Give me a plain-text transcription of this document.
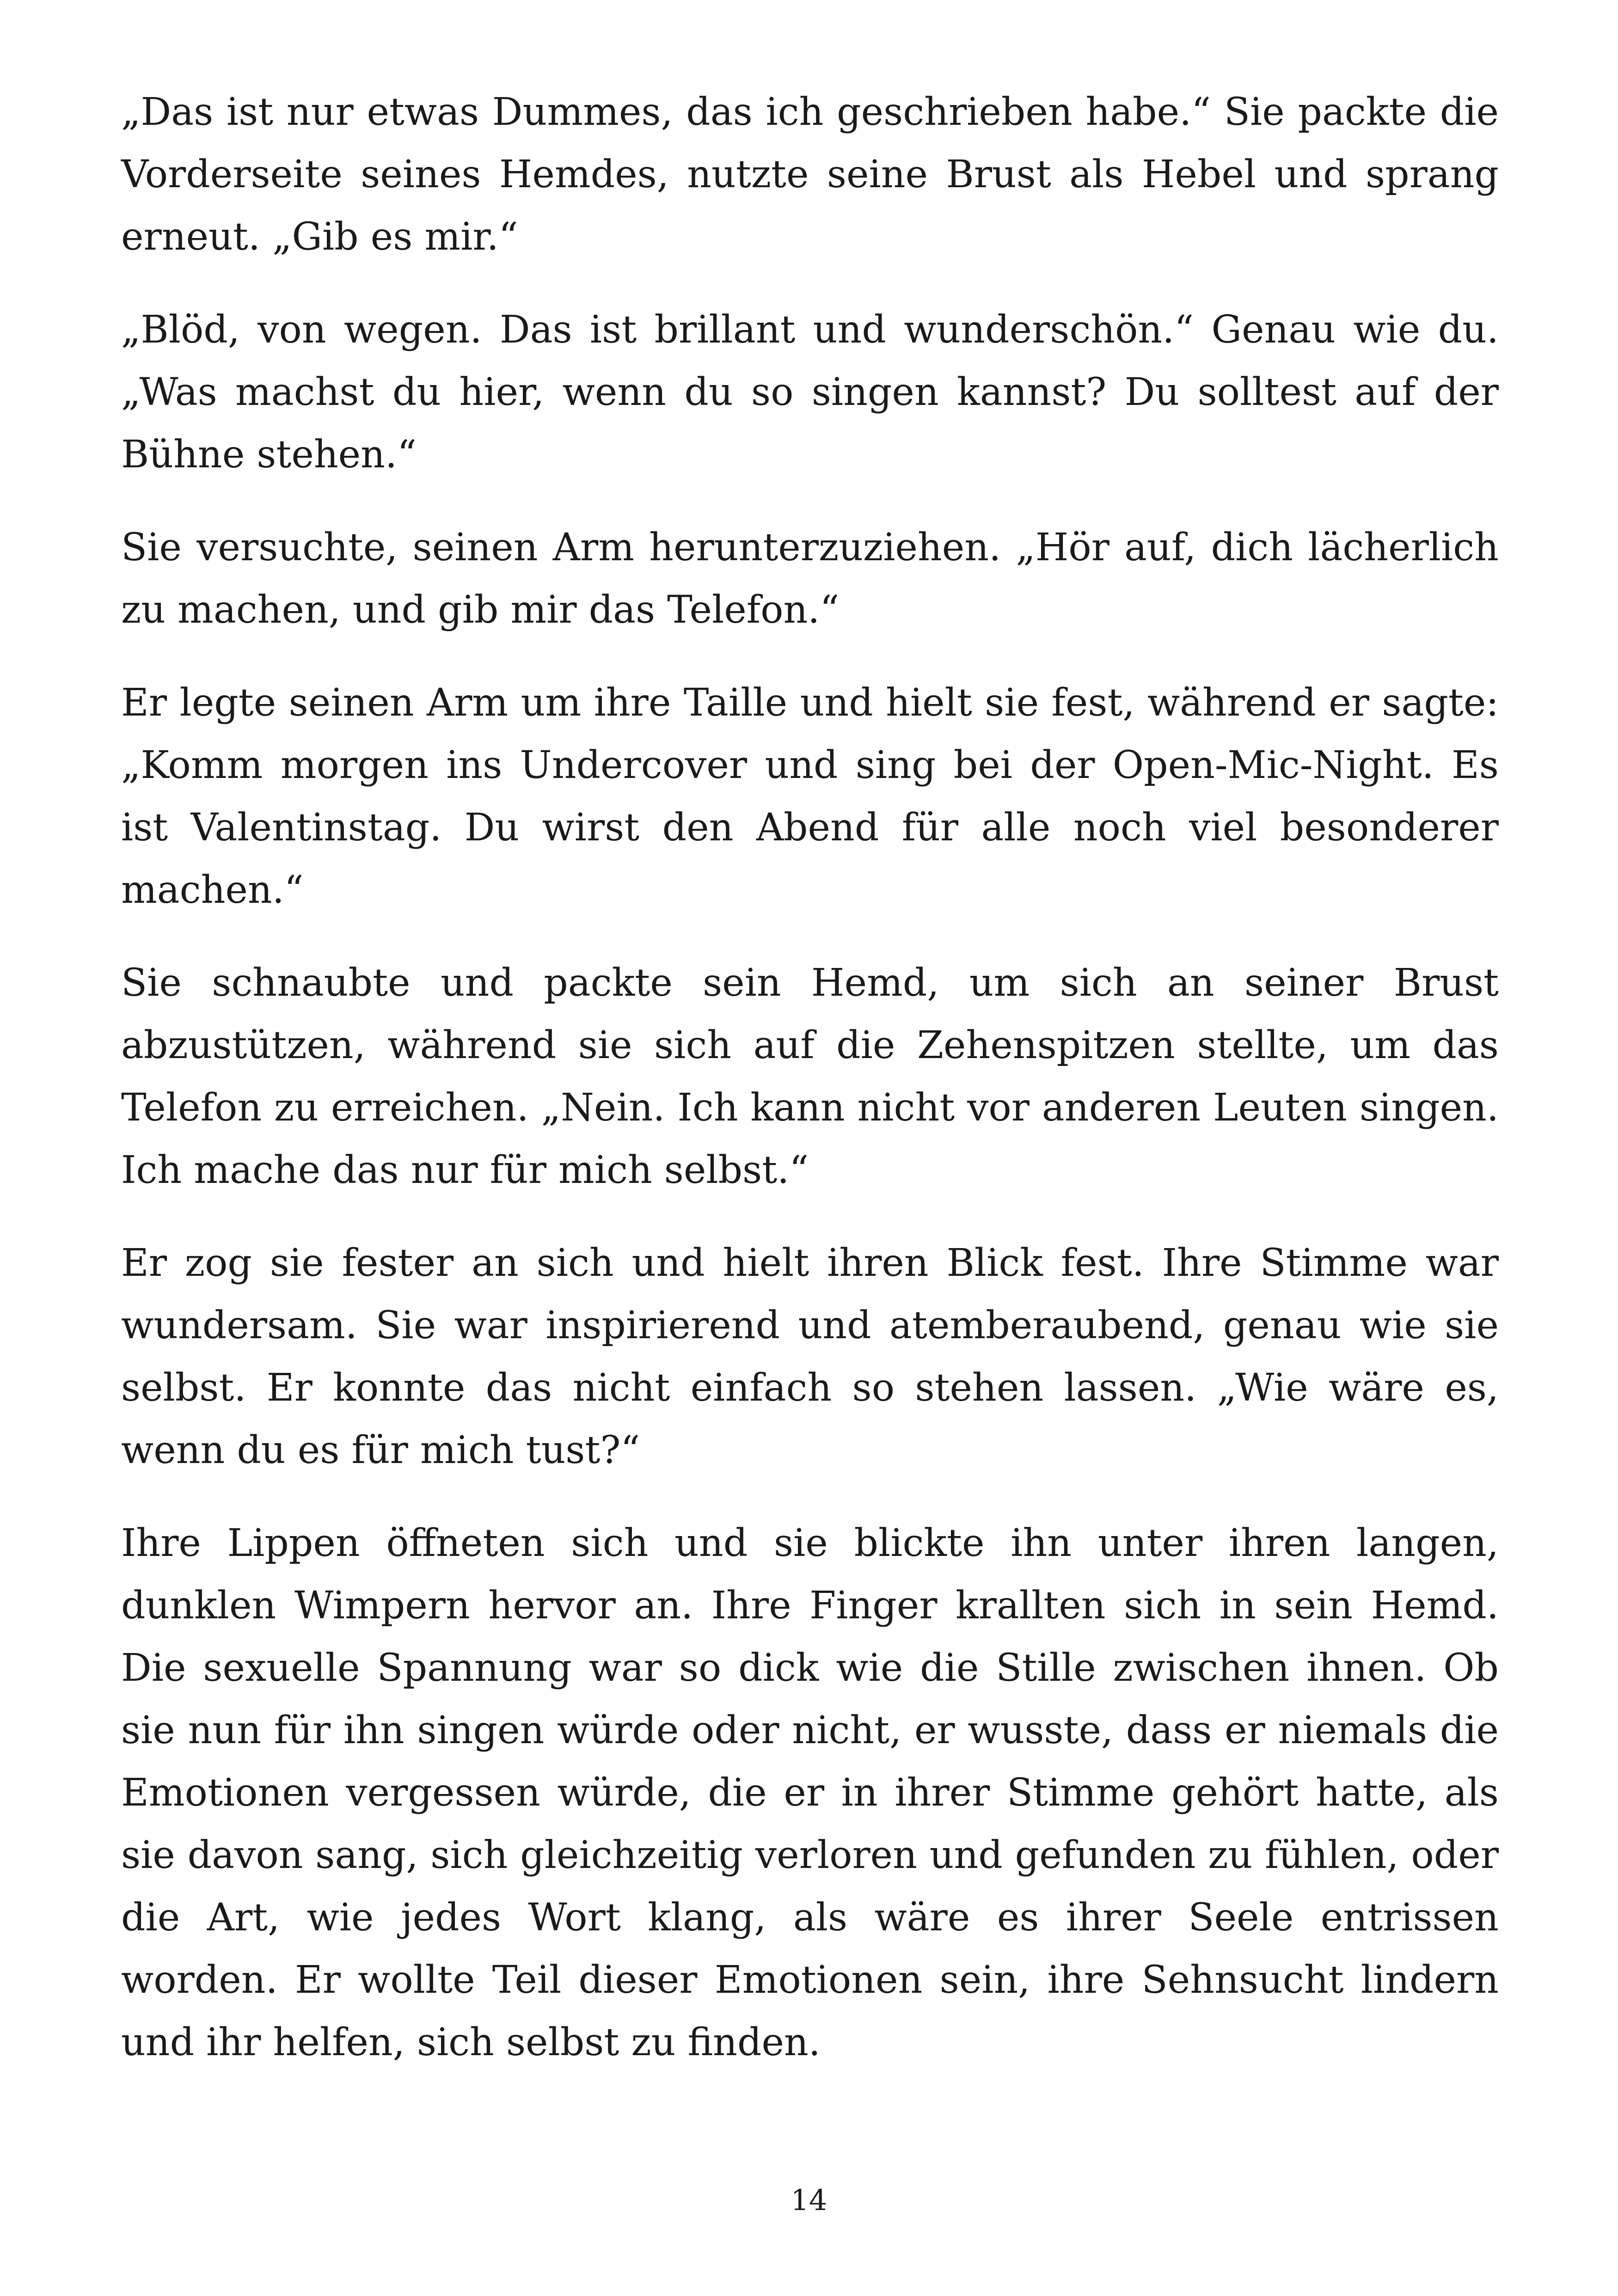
„Das ist nur etwas Dummes, das ich geschrieben habe.“ Sie packte die Vorderseite seines Hemdes, nutzte seine Brust als Hebel und sprang erneut. „Gib es mir.“

„Blöd, von wegen. Das ist brillant und wunderschön.“ Genau wie du. „Was machst du hier, wenn du so singen kannst? Du solltest auf der Bühne stehen.“

Sie versuchte, seinen Arm herunterzuziehen. „Hör auf, dich lächerlich zu machen, und gib mir das Telefon.“

Er legte seinen Arm um ihre Taille und hielt sie fest, während er sagte: „Komm morgen ins Undercover und sing bei der Open-Mic-Night. Es ist Valentinstag. Du wirst den Abend für alle noch viel besonderer machen.“

Sie schnaubte und packte sein Hemd, um sich an seiner Brust abzustützen, während sie sich auf die Zehenspitzen stellte, um das Telefon zu erreichen. „Nein. Ich kann nicht vor anderen Leuten singen. Ich mache das nur für mich selbst.“

Er zog sie fester an sich und hielt ihren Blick fest. Ihre Stimme war wundersam. Sie war inspirierend und atemberaubend, genau wie sie selbst. Er konnte das nicht einfach so stehen lassen. „Wie wäre es, wenn du es für mich tust?“

Ihre Lippen öffneten sich und sie blickte ihn unter ihren langen, dunklen Wimpern hervor an. Ihre Finger krallten sich in sein Hemd. Die sexuelle Spannung war so dick wie die Stille zwischen ihnen. Ob sie nun für ihn singen würde oder nicht, er wusste, dass er niemals die Emotionen vergessen würde, die er in ihrer Stimme gehört hatte, als sie davon sang, sich gleichzeitig verloren und gefunden zu fühlen, oder die Art, wie jedes Wort klang, als wäre es ihrer Seele entrissen worden. Er wollte Teil dieser Emotionen sein, ihre Sehnsucht lindern und ihr helfen, sich selbst zu finden.

14
